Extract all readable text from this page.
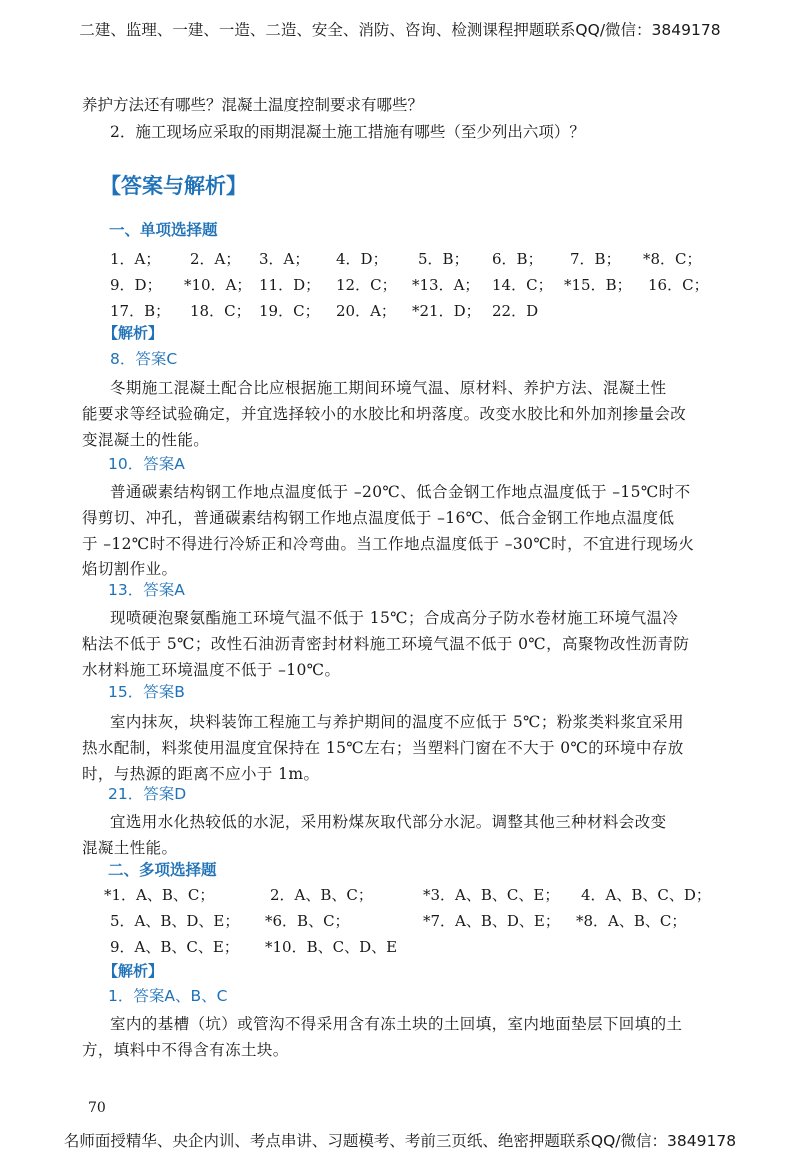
二建、监理、一建、一造、二造、安全、消防、咨询、检测课程押题联系QQ/微信：3849178
养护方法还有哪些？混凝土温度控制要求有哪些？
2．施工现场应采取的雨期混凝土施工措施有哪些（至少列出六项）？
【答案与解析】
一、单项选择题
1．A； 2．A； 3．A； 4．D； 5．B； 6．B； 7．B； *8．C；
9．D； *10．A； 11．D； 12．C； *13．A； 14．C； *15．B； 16．C；
17．B； 18．C； 19．C； 20．A； *21．D； 22．D
【解析】
8．答案C
冬期施工混凝土配合比应根据施工期间环境气温、原材料、养护方法、混凝土性
能要求等经试验确定，并宜选择较小的水胶比和坍落度。改变水胶比和外加剂掺量会改
变混凝土的性能。
10．答案A
普通碳素结构钢工作地点温度低于 –20℃、低合金钢工作地点温度低于 –15℃时不
得剪切、冲孔，普通碳素结构钢工作地点温度低于 –16℃、低合金钢工作地点温度低
于 –12℃时不得进行冷矫正和冷弯曲。当工作地点温度低于 –30℃时，不宜进行现场火
焰切割作业。
13．答案A
现喷硬泡聚氨酯施工环境气温不低于 15℃；合成高分子防水卷材施工环境气温冷
粘法不低于 5℃；改性石油沥青密封材料施工环境气温不低于 0℃，高聚物改性沥青防
水材料施工环境温度不低于 –10℃。
15．答案B
室内抹灰，块料装饰工程施工与养护期间的温度不应低于 5℃；粉浆类料浆宜采用
热水配制，料浆使用温度宜保持在 15℃左右；当塑料门窗在不大于 0℃的环境中存放
时，与热源的距离不应小于 1m。
21．答案D
宜选用水化热较低的水泥，采用粉煤灰取代部分水泥。调整其他三种材料会改变
混凝土性能。
二、多项选择题
*1．A、B、C；	2．A、B、C；	*3．A、B、C、E； 4．A、B、C、D；
5．A、B、D、E； *6．B、C；	*7．A、B、D、E； *8．A、B、C；
9．A、B、C、E； *10．B、C、D、E
【解析】
1．答案A、B、C
室内的基槽（坑）或管沟不得采用含有冻土块的土回填，室内地面垫层下回填的土
方，填料中不得含有冻土块。
70
名师面授精华、央企内训、考点串讲、习题模考、考前三页纸、绝密押题联系QQ/微信：3849178
